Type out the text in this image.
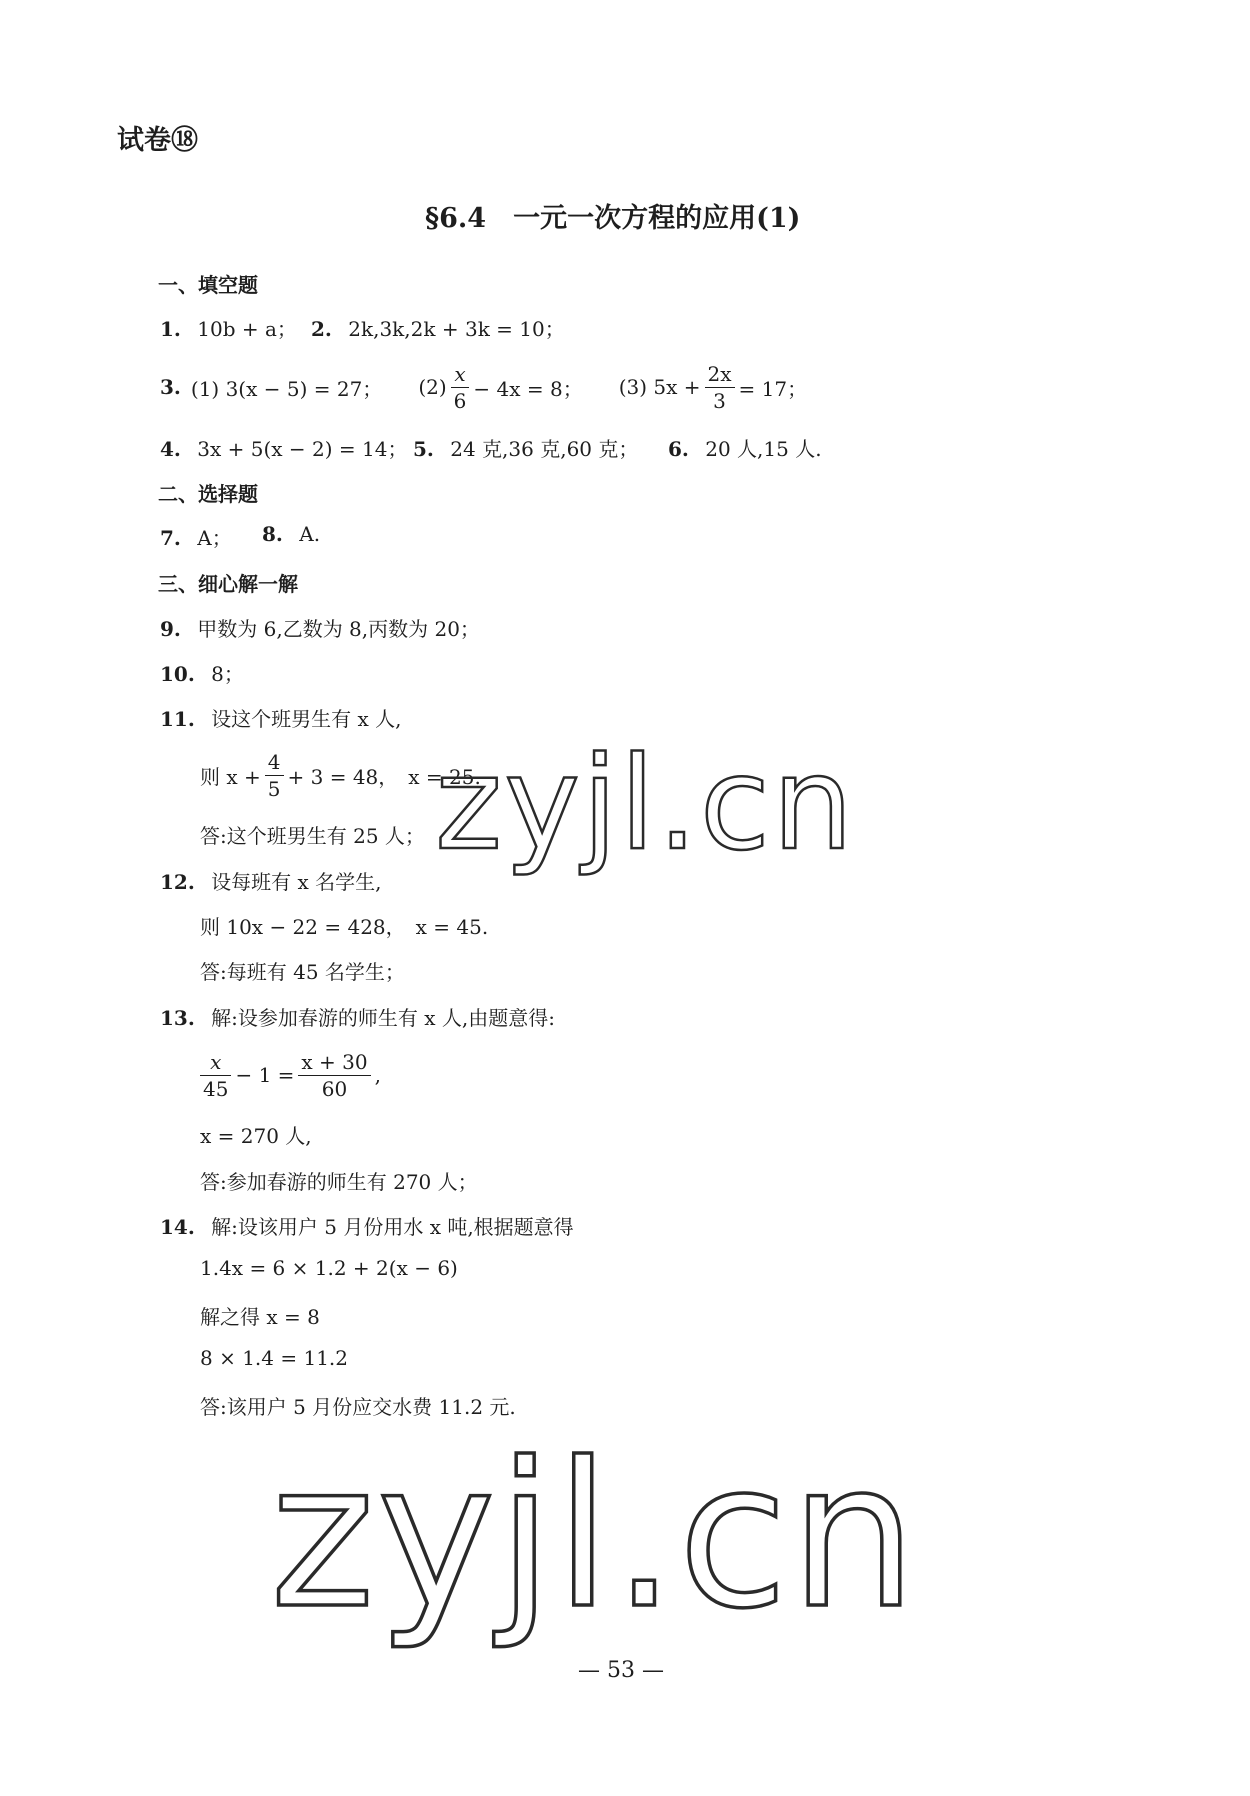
试卷⑱
§6.4　一元一次方程的应用(1)
一、填空题
1. 10b + a； 2. 2k,3k,2k + 3k = 10；
3. (1) 3(x − 5) = 27； $(2) \frac{x}{6} - 4x = 8$； (3) $5x + \frac{2x}{3} = 17$；
4. 3x + 5(x − 2) = 14； 5. 24 克,36 克,60 克； 6. 20 人,15 人.
二、选择题
7. A； 8. A.
三、细心解一解
9. 甲数为 6,乙数为 8,丙数为 20；
10. 8；
11. 设这个班男生有 x 人,
则 $x + \frac{4}{5} + 3 = 48$，　x = 25.
答:这个班男生有 25 人；
12. 设每班有 x 名学生,
则 10x − 22 = 428，　x = 45.
答:每班有 45 名学生；
13. 解:设参加春游的师生有 x 人,由题意得:
$\frac{x}{45} - 1 = \frac{x + 30}{60}$ ,
x = 270 人,
答:参加春游的师生有 270 人；
14. 解:设该用户 5 月份用水 x 吨,根据题意得
1.4x = 6 × 1.2 + 2(x − 6)
解之得 x = 8
8 × 1.4 = 11.2
答:该用户 5 月份应交水费 11.2 元.
zyjl.cn
zyjl.cn
— 53 —
